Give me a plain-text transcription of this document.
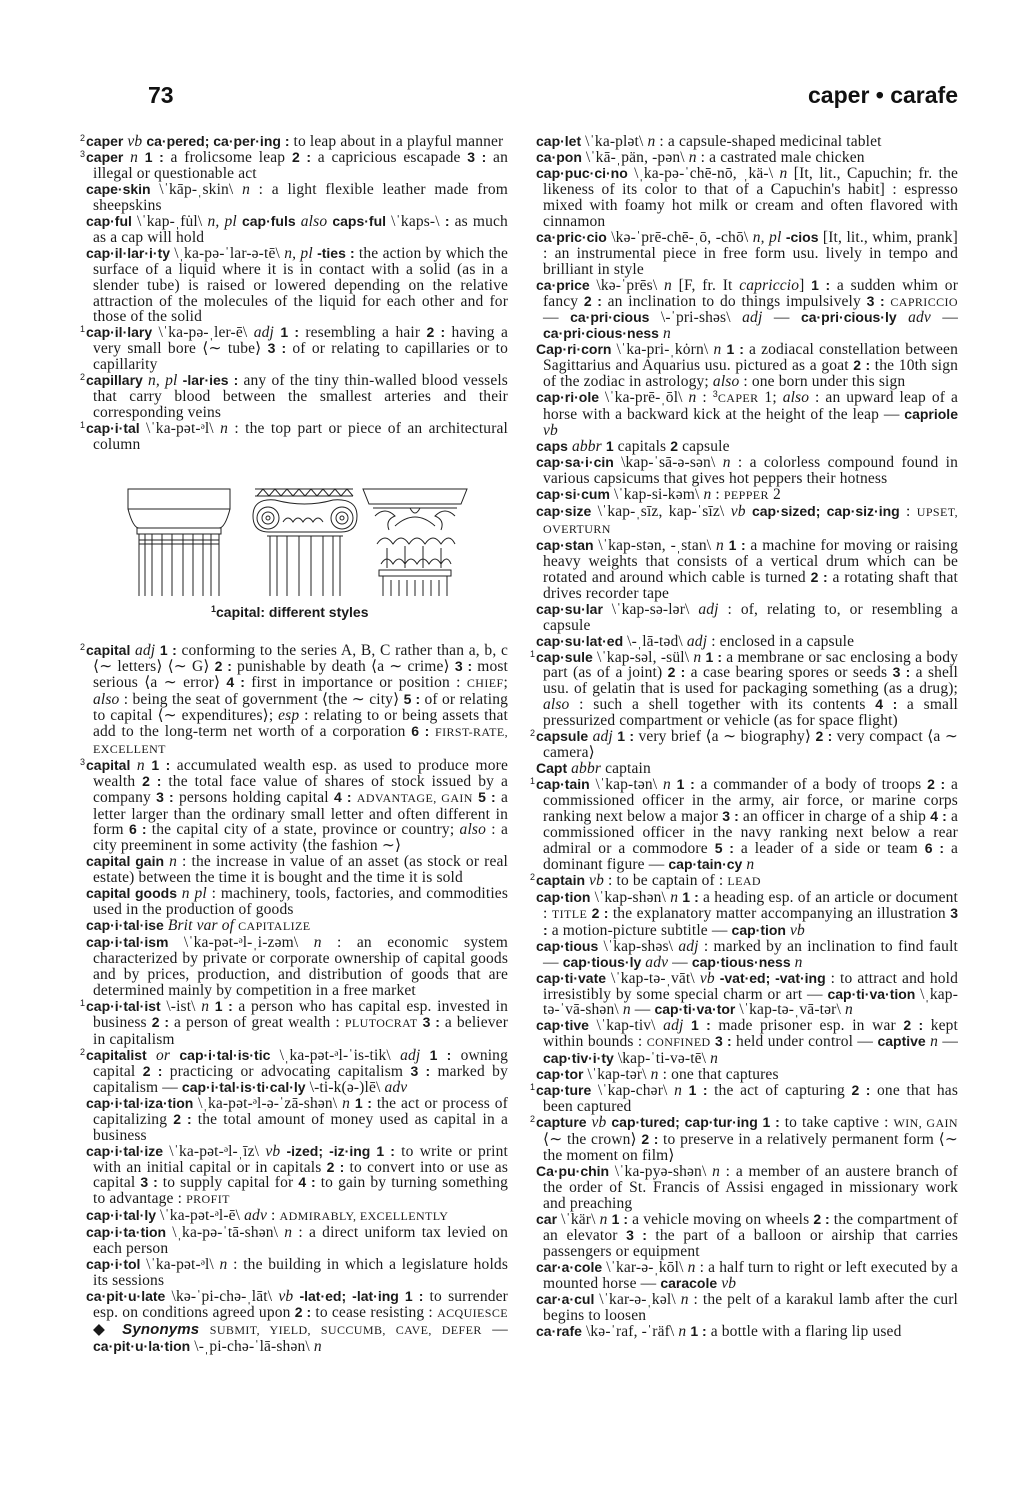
73	caper • carafe
2caper vb ca·pered; ca·per·ing : to leap about in a playful manner
3caper n 1 : a frolicsome leap 2 : a capricious escapade 3 : an illegal or questionable act
cape·skin \ˈkāp-ˌskin\ n : a light flexible leather made from sheepskins
cap·ful \ˈkap-ˌfu̇l\ n, pl cap·fuls also caps·ful \ˈkaps-\ : as much as a cap will hold
cap·il·lar·i·ty \ˌka-pə-ˈlar-ə-tē\ n, pl -ties : the action by which the surface of a liquid where it is in contact with a solid (as in a slender tube) is raised or lowered depending on the relative attraction of the molecules of the liquid for each other and for those of the solid
1cap·il·lary \ˈka-pə-ˌler-ē\ adj 1 : resembling a hair 2 : having a very small bore ⟨∼ tube⟩ 3 : of or relating to capillaries or to capillarity
2capillary n, pl -lar·ies : any of the tiny thin-walled blood vessels that carry blood between the smallest arteries and their corresponding veins
1cap·i·tal \ˈka-pət-ᵊl\ n : the top part or piece of an architectural column
1capital: different styles
2capital adj 1 : conforming to the series A, B, C rather than a, b, c ⟨∼ letters⟩ ⟨∼ G⟩ 2 : punishable by death ⟨a ∼ crime⟩ 3 : most serious ⟨a ∼ error⟩ 4 : first in importance or position : CHIEF; also : being the seat of government ⟨the ∼ city⟩ 5 : of or relating to capital ⟨∼ expenditures⟩; esp : relating to or being assets that add to the long-term net worth of a corporation 6 : FIRST-RATE, EXCELLENT
3capital n 1 : accumulated wealth esp. as used to produce more wealth 2 : the total face value of shares of stock issued by a company 3 : persons holding capital 4 : ADVANTAGE, GAIN 5 : a letter larger than the ordinary small letter and often different in form 6 : the capital city of a state, province or country; also : a city preeminent in some activity ⟨the fashion ∼⟩
capital gain n : the increase in value of an asset (as stock or real estate) between the time it is bought and the time it is sold
capital goods n pl : machinery, tools, factories, and commodities used in the production of goods
cap·i·tal·ise Brit var of CAPITALIZE
cap·i·tal·ism \ˈka-pət-ᵊl-ˌi-zəm\ n : an economic system characterized by private or corporate ownership of capital goods and by prices, production, and distribution of goods that are determined mainly by competition in a free market
1cap·i·tal·ist \-ist\ n 1 : a person who has capital esp. invested in business 2 : a person of great wealth : PLUTOCRAT 3 : a believer in capitalism
2capitalist or cap·i·tal·is·tic \ˌka-pət-ᵊl-ˈis-tik\ adj 1 : owning capital 2 : practicing or advocating capitalism 3 : marked by capitalism — cap·i·tal·is·ti·cal·ly \-ti-k(ə-)lē\ adv
cap·i·tal·iza·tion \ˌka-pət-ᵊl-ə-ˈzā-shən\ n 1 : the act or process of capitalizing 2 : the total amount of money used as capital in a business
cap·i·tal·ize \ˈka-pət-ᵊl-ˌīz\ vb -ized; -iz·ing 1 : to write or print with an initial capital or in capitals 2 : to convert into or use as capital 3 : to supply capital for 4 : to gain by turning something to advantage : PROFIT
cap·i·tal·ly \ˈka-pət-ᵊl-ē\ adv : ADMIRABLY, EXCELLENTLY
cap·i·ta·tion \ˌka-pə-ˈtā-shən\ n : a direct uniform tax levied on each person
cap·i·tol \ˈka-pət-ᵊl\ n : the building in which a legislature holds its sessions
ca·pit·u·late \kə-ˈpi-chə-ˌlāt\ vb -lat·ed; -lat·ing 1 : to surrender esp. on conditions agreed upon 2 : to cease resisting : ACQUIESCE ◆ Synonyms SUBMIT, YIELD, SUCCUMB, CAVE, DEFER — ca·pit·u·la·tion \-ˌpi-chə-ˈlā-shən\ n
cap·let \ˈka-plət\ n : a capsule-shaped medicinal tablet
ca·pon \ˈkā-ˌpän, -pən\ n : a castrated male chicken
cap·puc·ci·no \ˌka-pə-ˈchē-nō, ˌkä-\ n [It, lit., Capuchin; fr. the likeness of its color to that of a Capuchin's habit] : espresso mixed with foamy hot milk or cream and often flavored with cinnamon
ca·pric·cio \kə-ˈprē-chē-ˌō, -chō\ n, pl -cios [It, lit., whim, prank] : an instrumental piece in free form usu. lively in tempo and brilliant in style
ca·price \kə-ˈprēs\ n [F, fr. It capriccio] 1 : a sudden whim or fancy 2 : an inclination to do things impulsively 3 : CAPRICCIO — ca·pri·cious \-ˈpri-shəs\ adj — ca·pri·cious·ly adv — ca·pri·cious·ness n
Cap·ri·corn \ˈka-pri-ˌkȯrn\ n 1 : a zodiacal constellation between Sagittarius and Aquarius usu. pictured as a goat 2 : the 10th sign of the zodiac in astrology; also : one born under this sign
cap·ri·ole \ˈka-prē-ˌōl\ n : 3CAPER 1; also : an upward leap of a horse with a backward kick at the height of the leap — capriole vb
caps abbr 1 capitals 2 capsule
cap·sa·i·cin \kap-ˈsā-ə-sən\ n : a colorless compound found in various capsicums that gives hot peppers their hotness
cap·si·cum \ˈkap-si-kəm\ n : PEPPER 2
cap·size \ˈkap-ˌsīz, kap-ˈsīz\ vb cap·sized; cap·siz·ing : UPSET, OVERTURN
cap·stan \ˈkap-stən, -ˌstan\ n 1 : a machine for moving or raising heavy weights that consists of a vertical drum which can be rotated and around which cable is turned 2 : a rotating shaft that drives recorder tape
cap·su·lar \ˈkap-sə-lər\ adj : of, relating to, or resembling a capsule
cap·su·lat·ed \-ˌlā-təd\ adj : enclosed in a capsule
1cap·sule \ˈkap-səl, -sül\ n 1 : a membrane or sac enclosing a body part (as of a joint) 2 : a case bearing spores or seeds 3 : a shell usu. of gelatin that is used for packaging something (as a drug); also : such a shell together with its contents 4 : a small pressurized compartment or vehicle (as for space flight)
2capsule adj 1 : very brief ⟨a ∼ biography⟩ 2 : very compact ⟨a ∼ camera⟩
Capt abbr captain
1cap·tain \ˈkap-tən\ n 1 : a commander of a body of troops 2 : a commissioned officer in the army, air force, or marine corps ranking next below a major 3 : an officer in charge of a ship 4 : a commissioned officer in the navy ranking next below a rear admiral or a commodore 5 : a leader of a side or team 6 : a dominant figure — cap·tain·cy n
2captain vb : to be captain of : LEAD
cap·tion \ˈkap-shən\ n 1 : a heading esp. of an article or document : TITLE 2 : the explanatory matter accompanying an illustration 3 : a motion-picture subtitle — cap·tion vb
cap·tious \ˈkap-shəs\ adj : marked by an inclination to find fault — cap·tious·ly adv — cap·tious·ness n
cap·ti·vate \ˈkap-tə-ˌvāt\ vb -vat·ed; -vat·ing : to attract and hold irresistibly by some special charm or art — cap·ti·va·tion \ˌkap-tə-ˈvā-shən\ n — cap·ti·va·tor \ˈkap-tə-ˌvā-tər\ n
cap·tive \ˈkap-tiv\ adj 1 : made prisoner esp. in war 2 : kept within bounds : CONFINED 3 : held under control — captive n — cap·tiv·i·ty \kap-ˈti-və-tē\ n
cap·tor \ˈkap-tər\ n : one that captures
1cap·ture \ˈkap-chər\ n 1 : the act of capturing 2 : one that has been captured
2capture vb cap·tured; cap·tur·ing 1 : to take captive : WIN, GAIN ⟨∼ the crown⟩ 2 : to preserve in a relatively permanent form ⟨∼ the moment on film⟩
Ca·pu·chin \ˈka-pyə-shən\ n : a member of an austere branch of the order of St. Francis of Assisi engaged in missionary work and preaching
car \ˈkär\ n 1 : a vehicle moving on wheels 2 : the compartment of an elevator 3 : the part of a balloon or airship that carries passengers or equipment
car·a·cole \ˈkar-ə-ˌkōl\ n : a half turn to right or left executed by a mounted horse — caracole vb
car·a·cul \ˈkar-ə-ˌkəl\ n : the pelt of a karakul lamb after the curl begins to loosen
ca·rafe \kə-ˈraf, -ˈräf\ n 1 : a bottle with a flaring lip used
